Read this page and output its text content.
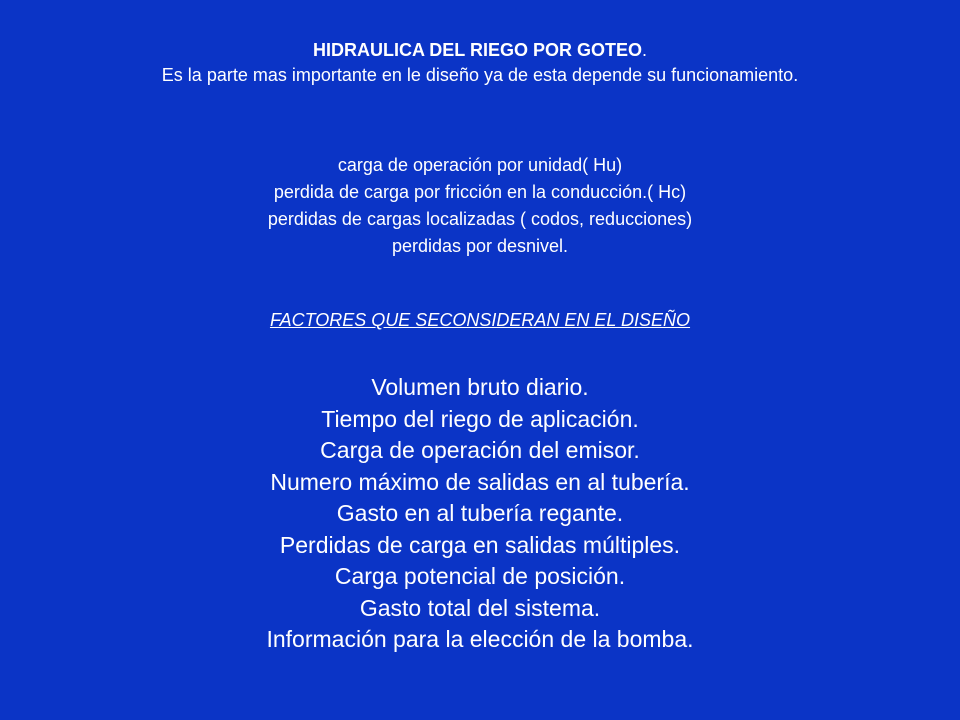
HIDRAULICA DEL RIEGO POR GOTEO.
Es la parte mas importante en le diseño ya de esta depende su funcionamiento.
carga de operación por unidad( Hu)
perdida de carga por fricción en la conducción.( Hc)
perdidas de cargas localizadas ( codos, reducciones)
perdidas por desnivel.
FACTORES QUE SECONSIDERAN EN EL DISEÑO
Volumen bruto diario.
Tiempo del riego de aplicación.
Carga de operación del emisor.
Numero máximo de salidas en al tubería.
Gasto en al tubería regante.
Perdidas de carga en salidas múltiples.
Carga potencial de posición.
Gasto total del sistema.
Información para la elección de la bomba.
